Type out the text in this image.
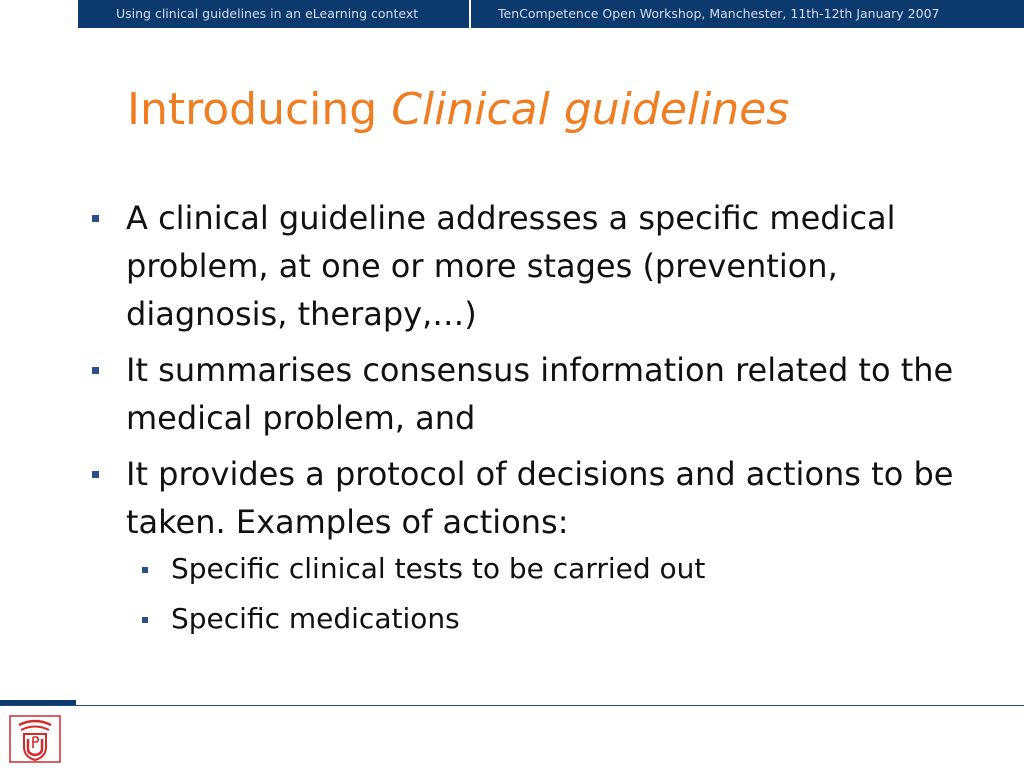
Using clinical guidelines in an eLearning context	TenCompetence Open Workshop, Manchester, 11th-12th January 2007
Introducing Clinical guidelines
A clinical guideline addresses a specific medical problem, at one or more stages (prevention, diagnosis, therapy,…)
It summarises consensus information related to the medical problem, and
It provides a protocol of decisions and actions to be taken. Examples of actions:
Specific clinical tests to be carried out
Specific medications
